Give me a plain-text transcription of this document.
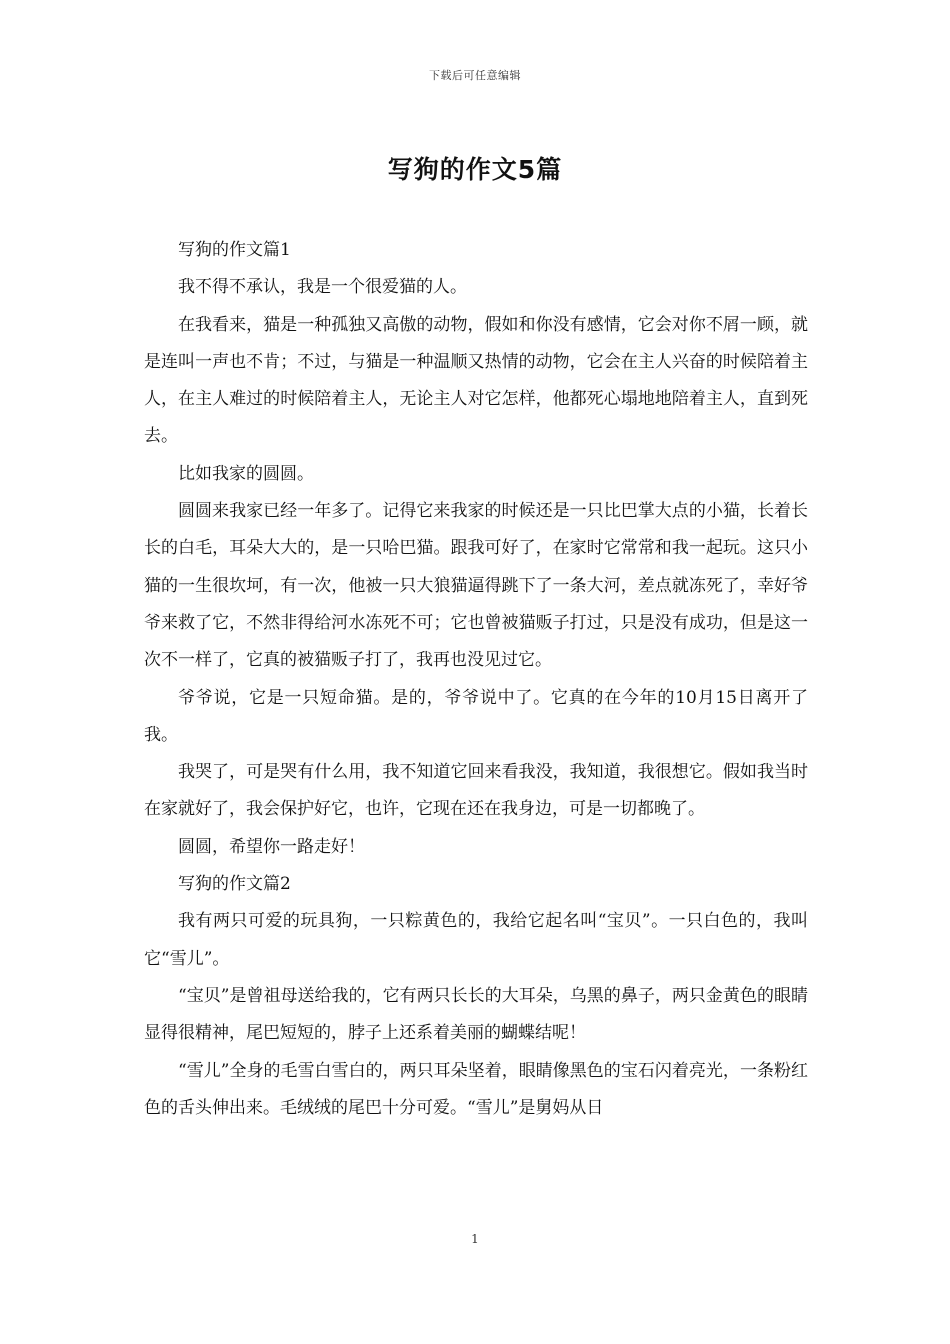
下载后可任意编辑
写狗的作文5篇

写狗的作文篇1

我不得不承认，我是一个很爱猫的人。

在我看来，猫是一种孤独又高傲的动物，假如和你没有感情，它会对你不屑一顾，就是连叫一声也不肯；不过，与猫是一种温顺又热情的动物，它会在主人兴奋的时候陪着主人，在主人难过的时候陪着主人，无论主人对它怎样，他都死心塌地地陪着主人，直到死去。

比如我家的圆圆。

圆圆来我家已经一年多了。记得它来我家的时候还是一只比巴掌大点的小猫，长着长长的白毛，耳朵大大的，是一只哈巴猫。跟我可好了，在家时它常常和我一起玩。这只小猫的一生很坎坷，有一次，他被一只大狼猫逼得跳下了一条大河，差点就冻死了，幸好爷爷来救了它，不然非得给河水冻死不可；它也曾被猫贩子打过，只是没有成功，但是这一次不一样了，它真的被猫贩子打了，我再也没见过它。

爷爷说，它是一只短命猫。是的，爷爷说中了。它真的在今年的10月15日离开了我。

我哭了，可是哭有什么用，我不知道它回来看我没，我知道，我很想它。假如我当时在家就好了，我会保护好它，也许，它现在还在我身边，可是一切都晚了。

圆圆，希望你一路走好！

写狗的作文篇2

我有两只可爱的玩具狗，一只粽黄色的，我给它起名叫“宝贝”。一只白色的，我叫它“雪儿”。

“宝贝”是曾祖母送给我的，它有两只长长的大耳朵，乌黑的鼻子，两只金黄色的眼睛显得很精神，尾巴短短的，脖子上还系着美丽的蝴蝶结呢！

“雪儿”全身的毛雪白雪白的，两只耳朵坚着，眼睛像黑色的宝石闪着亮光，一条粉红色的舌头伸出来。毛绒绒的尾巴十分可爱。“雪儿”是舅妈从日

1
